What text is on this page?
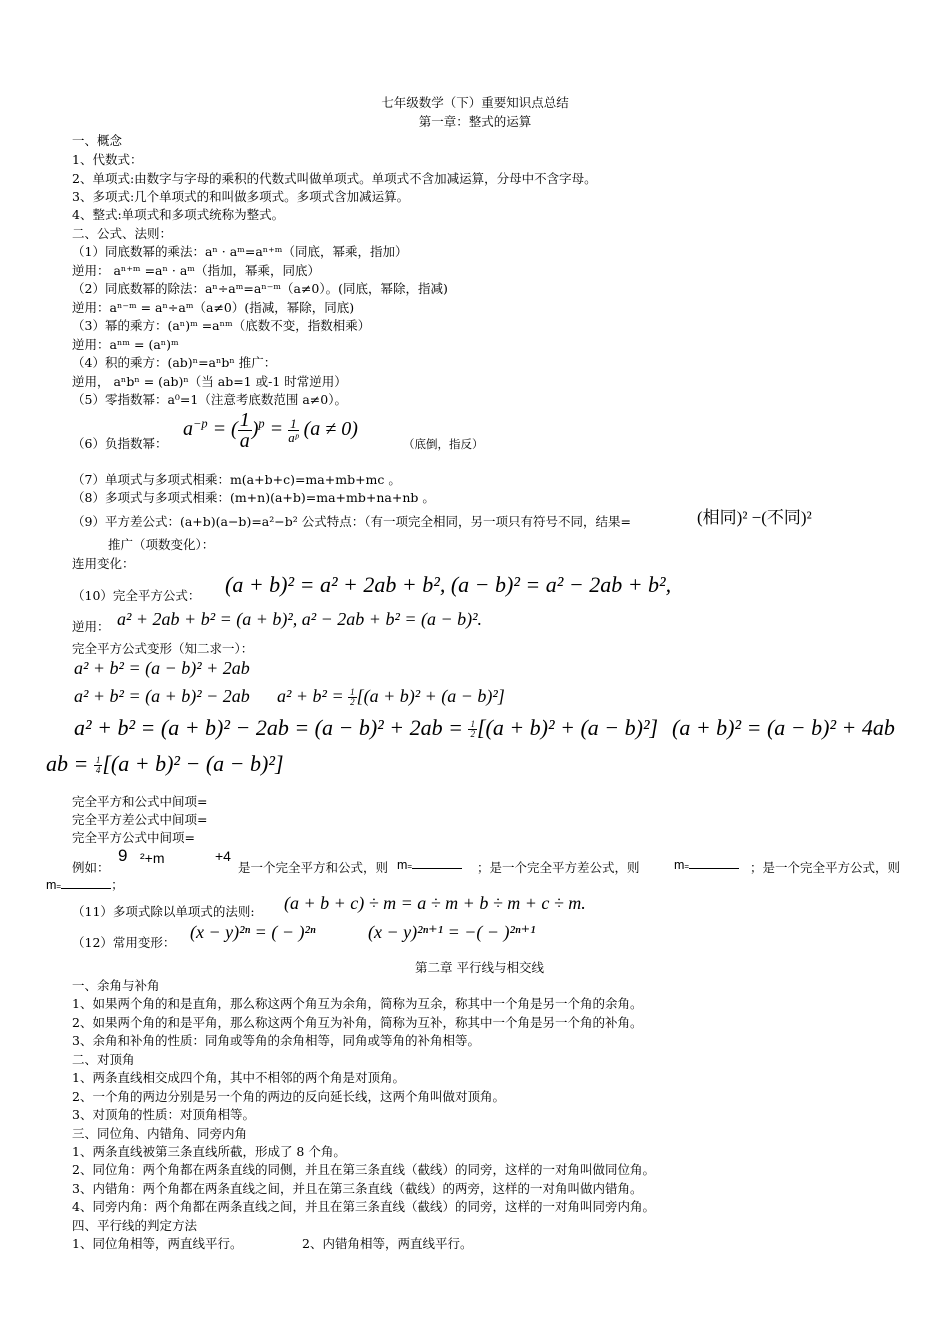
七年级数学（下）重要知识点总结
第一章：整式的运算
一、概念
1、代数式：
2、单项式:由数字与字母的乘积的代数式叫做单项式。单项式不含加减运算，分母中不含字母。
3、多项式:几个单项式的和叫做多项式。多项式含加减运算。
4、整式:单项式和多项式统称为整式。
二、公式、法则：
（1）同底数幂的乘法：aⁿ · aᵐ=aⁿ⁺ᵐ（同底，幂乘，指加）
逆用： aⁿ⁺ᵐ =aⁿ · aᵐ（指加，幂乘，同底）
（2）同底数幂的除法：aⁿ÷aᵐ=aⁿ⁻ᵐ（a≠0）。(同底，幂除，指减)
逆用：aⁿ⁻ᵐ = aⁿ÷aᵐ（a≠0）(指减，幂除，同底)
（3）幂的乘方：(aⁿ)ᵐ =aⁿᵐ（底数不变，指数相乘）
逆用：aⁿᵐ = (aⁿ)ᵐ
（4）积的乘方：(ab)ⁿ=aⁿbⁿ 推广：
逆用， aⁿbⁿ = (ab)ⁿ（当 ab=1 或-1 时常逆用）
（5）零指数幂：a⁰=1（注意考底数范围 a≠0）。
（6）负指数幂：
$a^{-p}$ = ( $\frac{1}{a} )^p = \frac{1}{\text{aᵖ}} (a \ne 0)$
（底倒，指反）
（7）单项式与多项式相乘：m(a+b+c)=ma+mb+mc 。
（8）多项式与多项式相乘：(m+n)(a+b)=ma+mb+na+nb 。
（9）平方差公式：(a+b)(a−b)=a²−b² 公式特点：（有一项完全相同，另一项只有符号不同，结果=	(相同)² −(不同)²
推广（项数变化）：
连用变化：
（10）完全平方公式： (a + b)² = a² + 2ab + b², (a − b)² = a² − 2ab + b²,
逆用： a² + 2ab + b² = (a + b)², a² − 2ab + b² = (a − b)².
完全平方公式变形（知二求一）：
a² + b² = (a − b)² + 2ab
a² + b² = (a + b)² − 2ab $a^2 + b^2 = \frac{1}{2} [(a + b)^2 + (a - b)^2]$
$a^2 + b^2 = (a + b)^2 - 2ab = (a - b)^2 + 2ab = \frac{1}{2} [(a + b)^2 + (a - b)^2] (a + b)^2 = (a - b)^2 + 4ab$
ab = $\frac{1}{4} [(a + b)^2 - (a - b)^2]$
完全平方和公式中间项=
完全平方差公式中间项=
完全平方公式中间项=
例如：
9 ²+m	+4
是一个完全平方和公式，则 m=	；是一个完全平方差公式，则	m=	；是一个完全平方公式，则
m=	；
（11）多项式除以单项式的法则: (a + b + c) ÷ m = a ÷ m + b ÷ m + c ÷ m.
（12）常用变形：
(x − y)²ⁿ = ( − )²ⁿ	(x − y)²ⁿ⁺¹ = −( − )²ⁿ⁺¹
第二章 平行线与相交线
一、余角与补角
1、如果两个角的和是直角，那么称这两个角互为余角，简称为互余，称其中一个角是另一个角的余角。
2、如果两个角的和是平角，那么称这两个角互为补角，简称为互补，称其中一个角是另一个角的补角。
3、余角和补角的性质：同角或等角的余角相等，同角或等角的补角相等。
二、对顶角
1、两条直线相交成四个角，其中不相邻的两个角是对顶角。
2、一个角的两边分别是另一个角的两边的反向延长线，这两个角叫做对顶角。
3、对顶角的性质：对顶角相等。
三、同位角、内错角、同旁内角
1、两条直线被第三条直线所截，形成了 8 个角。
2、同位角：两个角都在两条直线的同侧，并且在第三条直线（截线）的同旁，这样的一对角叫做同位角。
3、内错角：两个角都在两条直线之间，并且在第三条直线（截线）的两旁，这样的一对角叫做内错角。
4、同旁内角：两个角都在两条直线之间，并且在第三条直线（截线）的同旁，这样的一对角叫同旁内角。
四、平行线的判定方法
1、同位角相等，两直线平行。	2、内错角相等，两直线平行。
